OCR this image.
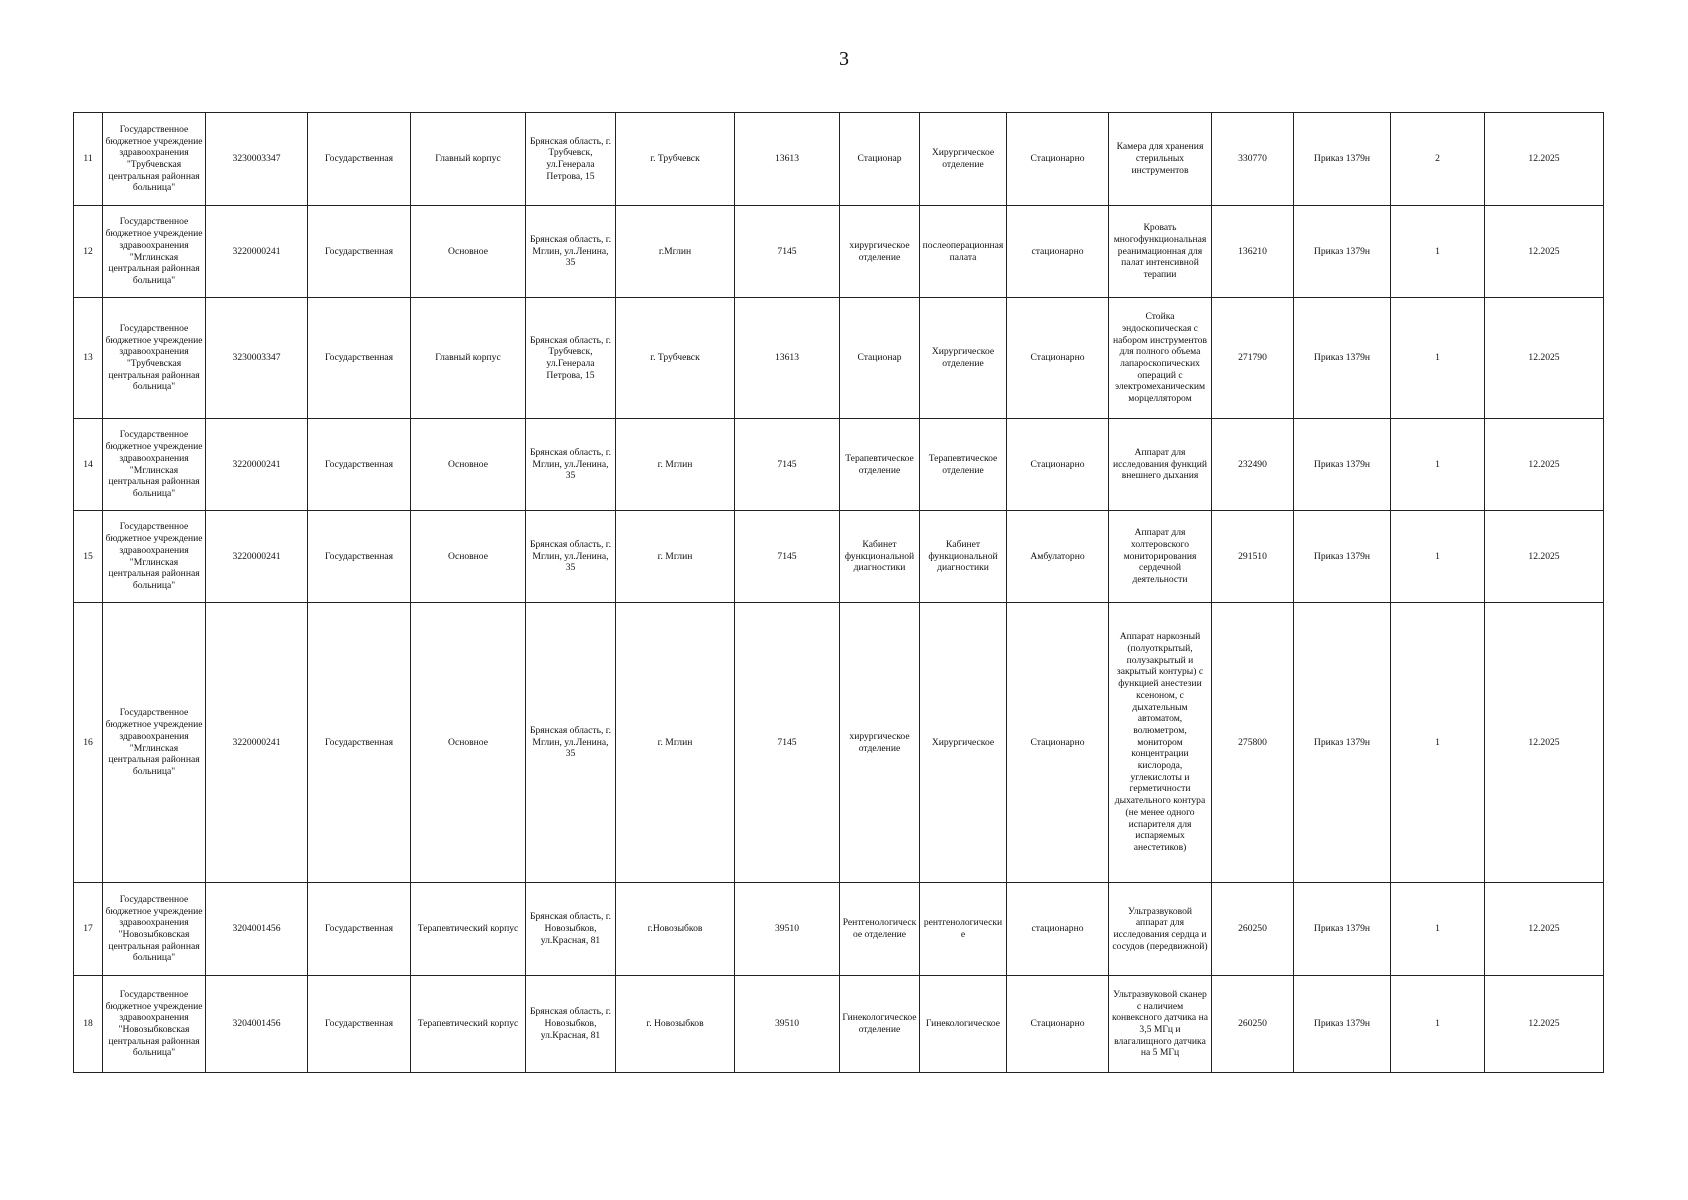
3
11	Государственное бюджетное учреждение здравоохранения "Трубчевская центральная районная больница"	3230003347	Государственная	Главный корпус	Брянская область, г. Трубчевск, ул.Генерала Петрова, 15	г. Трубчевск	13613	Стационар	Хирургическое отделение	Стационарно	Камера для хранения стерильных инструментов	330770	Приказ 1379н	2	12.2025
12	Государственное бюджетное учреждение здравоохранения "Мглинская центральная районная больница"	3220000241	Государственная	Основное	Брянская область, г. Мглин, ул.Ленина, 35	г.Мглин	7145	хирургическое отделение	послеоперационная палата	стационарно	Кровать многофункциональная реанимационная для палат интенсивной терапии	136210	Приказ 1379н	1	12.2025
13	Государственное бюджетное учреждение здравоохранения "Трубчевская центральная районная больница"	3230003347	Государственная	Главный корпус	Брянская область, г. Трубчевск, ул.Генерала Петрова, 15	г. Трубчевск	13613	Стационар	Хирургическое отделение	Стационарно	Стойка эндоскопическая с набором инструментов для полного объема лапароскопических операций с электромеханическим морцеллятором	271790	Приказ 1379н	1	12.2025
14	Государственное бюджетное учреждение здравоохранения "Мглинская центральная районная больница"	3220000241	Государственная	Основное	Брянская область, г. Мглин, ул.Ленина, 35	г. Мглин	7145	Терапевтическое отделение	Терапевтическое отделение	Стационарно	Аппарат для исследования функций внешнего дыхания	232490	Приказ 1379н	1	12.2025
15	Государственное бюджетное учреждение здравоохранения "Мглинская центральная районная больница"	3220000241	Государственная	Основное	Брянская область, г. Мглин, ул.Ленина, 35	г. Мглин	7145	Кабинет функциональной диагностики	Кабинет функциональной диагностики	Амбулаторно	Аппарат для холтеровского мониторирования сердечной деятельности	291510	Приказ 1379н	1	12.2025
16	Государственное бюджетное учреждение здравоохранения "Мглинская центральная районная больница"	3220000241	Государственная	Основное	Брянская область, г. Мглин, ул.Ленина, 35	г. Мглин	7145	хирургическое отделение	Хирургическое	Стационарно	Аппарат наркозный (полуоткрытый, полузакрытый и закрытый контуры) с функцией анестезии ксеноном, с дыхательным автоматом, волюметром, монитором концентрации кислорода, углекислоты и герметичности дыхательного контура (не менее одного испарителя для испаряемых анестетиков)	275800	Приказ 1379н	1	12.2025
17	Государственное бюджетное учреждение здравоохранения "Новозыбковская центральная районная больница"	3204001456	Государственная	Терапевтический корпус	Брянская область, г. Новозыбков, ул.Красная, 81	г.Новозыбков	39510	Рентгенологическое отделение	рентгенологические	стационарно	Ультразвуковой аппарат для исследования сердца и сосудов (передвижной)	260250	Приказ 1379н	1	12.2025
18	Государственное бюджетное учреждение здравоохранения "Новозыбковская центральная районная больница"	3204001456	Государственная	Терапевтический корпус	Брянская область, г. Новозыбков, ул.Красная, 81	г. Новозыбков	39510	Гинекологическое отделение	Гинекологическое	Стационарно	Ультразвуковой сканер с наличием конвексного датчика на 3,5 МГц и влагалищного датчика на 5 МГц	260250	Приказ 1379н	1	12.2025
